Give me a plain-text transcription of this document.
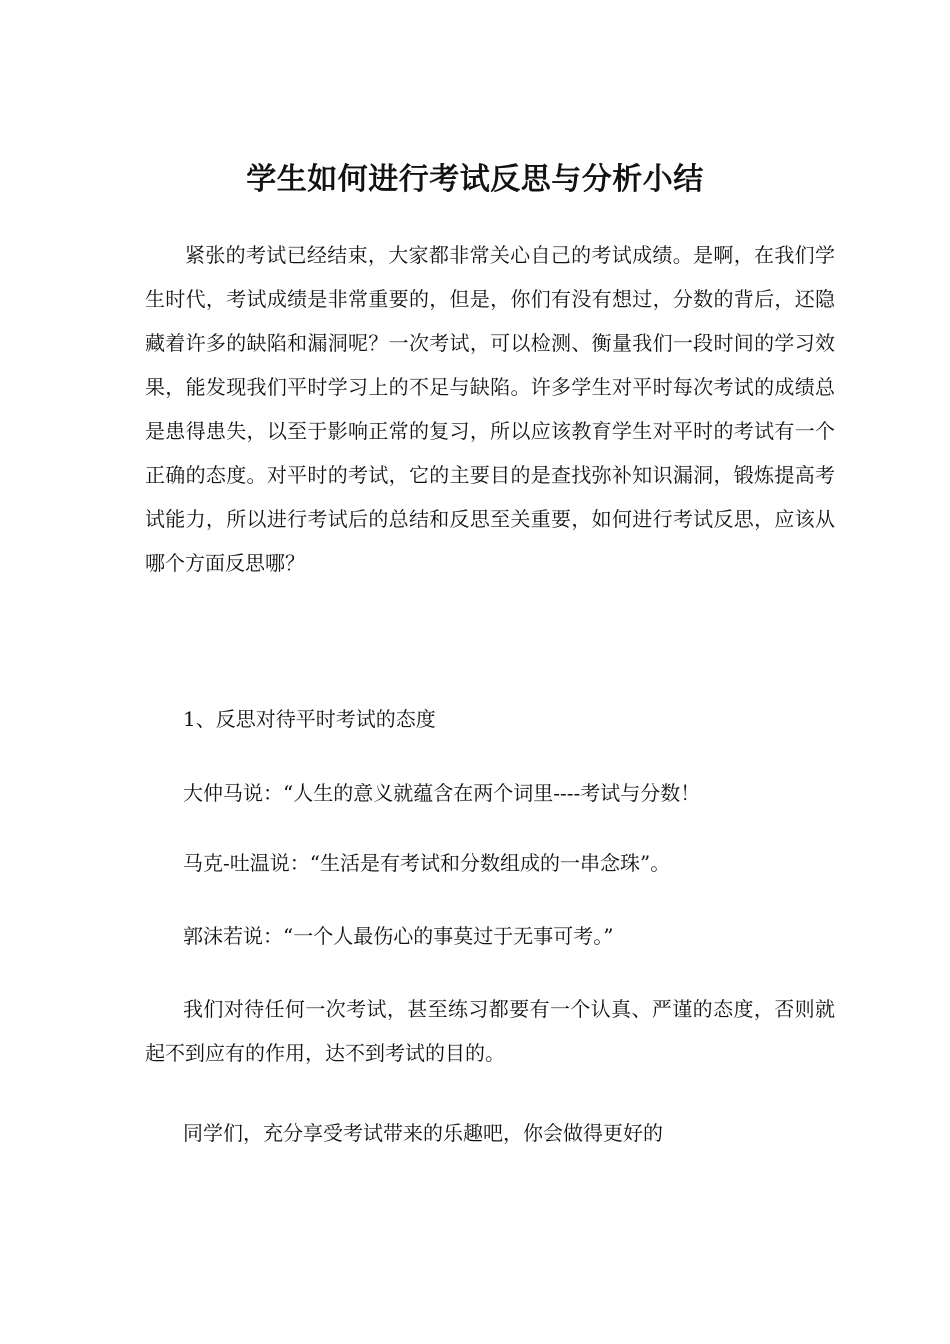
学生如何进行考试反思与分析小结

紧张的考试已经结束，大家都非常关心自己的考试成绩。是啊，在我们学生时代，考试成绩是非常重要的，但是，你们有没有想过，分数的背后，还隐藏着许多的缺陷和漏洞呢？一次考试，可以检测、衡量我们一段时间的学习效果，能发现我们平时学习上的不足与缺陷。许多学生对平时每次考试的成绩总是患得患失，以至于影响正常的复习，所以应该教育学生对平时的考试有一个正确的态度。对平时的考试，它的主要目的是查找弥补知识漏洞，锻炼提高考试能力，所以进行考试后的总结和反思至关重要，如何进行考试反思，应该从哪个方面反思哪？

1、反思对待平时考试的态度

大仲马说：“人生的意义就蕴含在两个词里----考试与分数！

马克-吐温说：“生活是有考试和分数组成的一串念珠”。

郭沫若说：“一个人最伤心的事莫过于无事可考。”

我们对待任何一次考试，甚至练习都要有一个认真、严谨的态度，否则就起不到应有的作用，达不到考试的目的。

同学们，充分享受考试带来的乐趣吧，你会做得更好的
